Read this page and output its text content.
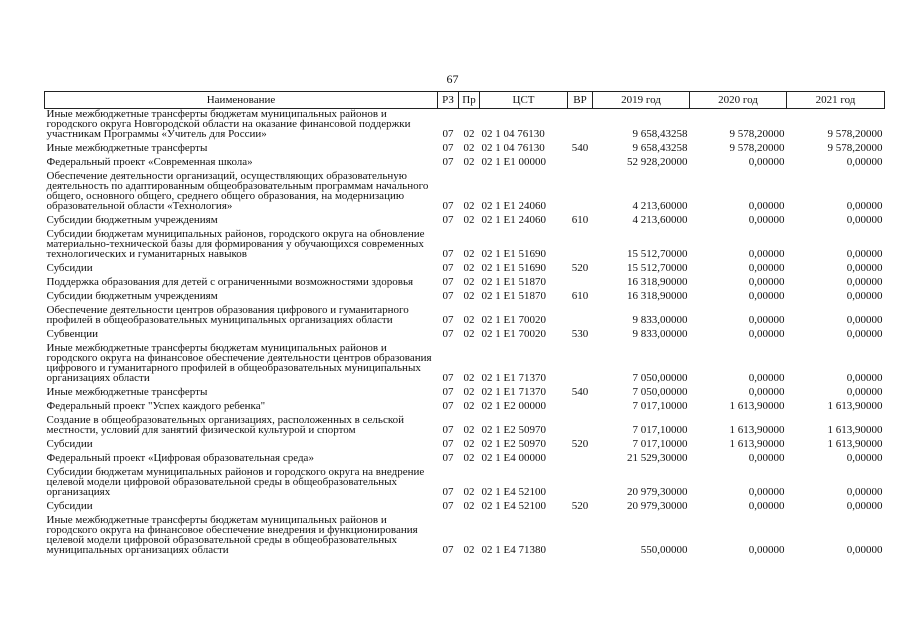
67
Наименование	РЗ	Пр	ЦСТ	ВР	2019 год	2020 год	2021 год
Иные межбюджетные трансферты бюджетам муниципальных районов и городского округа Новгородской области на оказание финансовой поддержки участникам Программы «Учитель для России»	07	02	02 1 04 76130		9 658,43258	9 578,20000	9 578,20000
Иные межбюджетные трансферты	07	02	02 1 04 76130	540	9 658,43258	9 578,20000	9 578,20000
Федеральный проект «Современная школа»	07	02	02 1 E1 00000		52 928,20000	0,00000	0,00000
Обеспечение деятельности организаций, осуществляющих образовательную деятельность по адаптированным общеобразовательным программам начального общего, основного общего, среднего общего образования, на модернизацию образовательной области «Технология»	07	02	02 1 E1 24060		4 213,60000	0,00000	0,00000
Субсидии бюджетным учреждениям	07	02	02 1 E1 24060	610	4 213,60000	0,00000	0,00000
Субсидии бюджетам муниципальных районов, городского округа на обновление материально-технической базы для формирования у обучающихся современных технологических и гуманитарных навыков	07	02	02 1 E1 51690		15 512,70000	0,00000	0,00000
Субсидии	07	02	02 1 E1 51690	520	15 512,70000	0,00000	0,00000
Поддержка образования для детей с ограниченными возможностями здоровья	07	02	02 1 E1 51870		16 318,90000	0,00000	0,00000
Субсидии бюджетным учреждениям	07	02	02 1 E1 51870	610	16 318,90000	0,00000	0,00000
Обеспечение деятельности центров образования цифрового и гуманитарного профилей в общеобразовательных муниципальных организациях области	07	02	02 1 E1 70020		9 833,00000	0,00000	0,00000
Субвенции	07	02	02 1 E1 70020	530	9 833,00000	0,00000	0,00000
Иные межбюджетные трансферты бюджетам муниципальных районов и городского округа на финансовое обеспечение деятельности центров образования цифрового и гуманитарного профилей в общеобразовательных муниципальных организациях области	07	02	02 1 E1 71370		7 050,00000	0,00000	0,00000
Иные межбюджетные трансферты	07	02	02 1 E1 71370	540	7 050,00000	0,00000	0,00000
Федеральный проект "Успех каждого ребенка"	07	02	02 1 E2 00000		7 017,10000	1 613,90000	1 613,90000
Создание в общеобразовательных организациях, расположенных в сельской местности, условий для занятий физической культурой и спортом	07	02	02 1 E2 50970		7 017,10000	1 613,90000	1 613,90000
Субсидии	07	02	02 1 E2 50970	520	7 017,10000	1 613,90000	1 613,90000
Федеральный проект «Цифровая образовательная среда»	07	02	02 1 E4 00000		21 529,30000	0,00000	0,00000
Субсидии бюджетам муниципальных районов и городского округа на внедрение целевой модели цифровой образовательной среды в общеобразовательных организациях	07	02	02 1 E4 52100		20 979,30000	0,00000	0,00000
Субсидии	07	02	02 1 E4 52100	520	20 979,30000	0,00000	0,00000
Иные межбюджетные трансферты бюджетам муниципальных районов и городского округа на финансовое обеспечение внедрения и функционирования целевой модели цифровой образовательной среды в общеобразовательных муниципальных организациях области	07	02	02 1 E4 71380		550,00000	0,00000	0,00000
